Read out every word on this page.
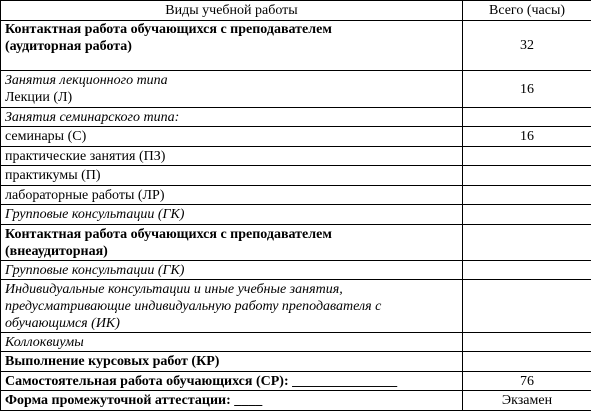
Виды учебной работы	Всего (часы)

Контактная работа обучающихся с преподавателем
(аудиторная работа)	32

Занятия лекционного типа
Лекции (Л)	16
Занятия семинарского типа:	
семинары (С)	16
практические занятия (ПЗ)	
практикумы (П)	
лабораторные работы (ЛР)	
Групповые консультации (ГК)	

Контактная работа обучающихся с преподавателем
(внеаудиторная)	

Групповые консультации (ГК)	

Индивидуальные консультации и иные учебные занятия,
предусматривающие индивидуальную работу преподавателя с
обучающимся (ИК)	

Коллоквиумы	
Выполнение курсовых работ (КР)	
Самостоятельная работа обучающихся (СР): _______________	76
Форма промежуточной аттестации: ____	Экзамен
